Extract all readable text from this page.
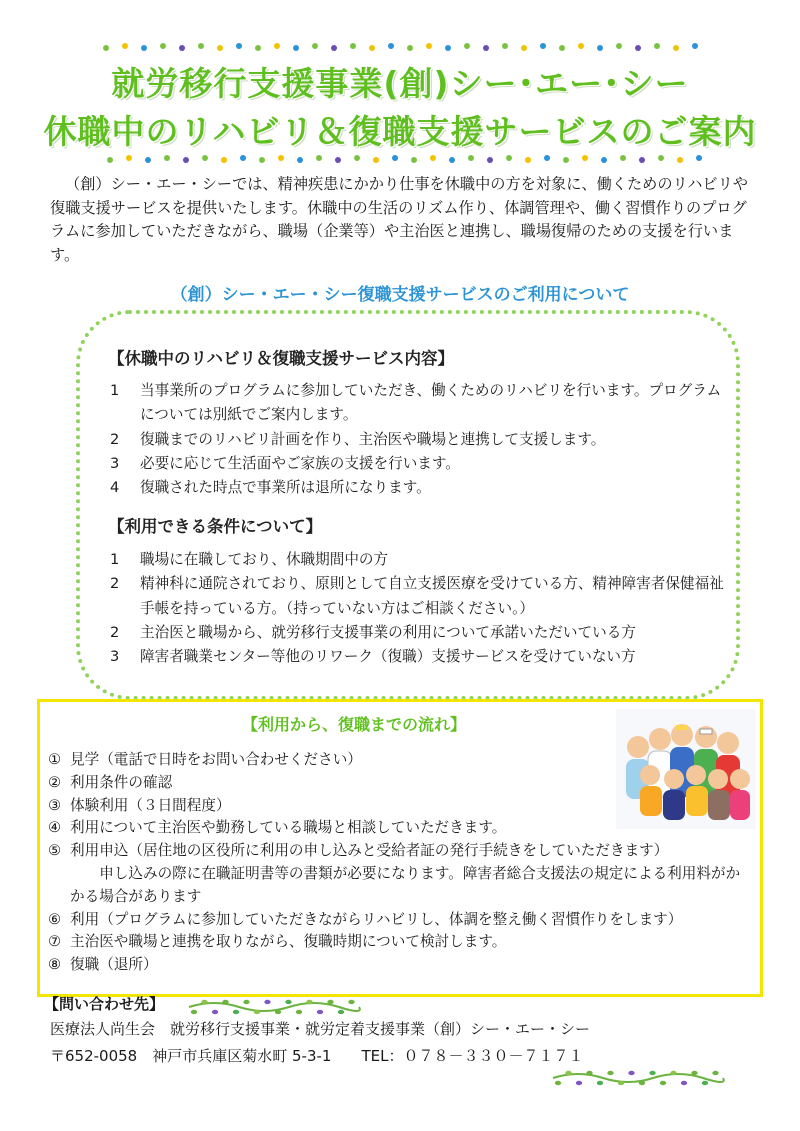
就労移行支援事業(創)シー･エー･シー
休職中のリハビリ＆復職支援サービスのご案内
（創）シー・エー・シーでは、精神疾患にかかり仕事を休職中の方を対象に、働くためのリハビリや復職支援サービスを提供いたします。休職中の生活のリズム作り、体調管理や、働く習慣作りのプログラムに参加していただきながら、職場（企業等）や主治医と連携し、職場復帰のための支援を行います。
（創）シー・エー・シー復職支援サービスのご利用について
【休職中のリハビリ＆復職支援サービス内容】
1	当事業所のプログラムに参加していただき、働くためのリハビリを行います。プログラムについては別紙でご案内します。
2	復職までのリハビリ計画を作り、主治医や職場と連携して支援します。
3	必要に応じて生活面やご家族の支援を行います。
4	復職された時点で事業所は退所になります。
【利用できる条件について】
1	職場に在職しており、休職期間中の方
2	精神科に通院されており、原則として自立支援医療を受けている方、精神障害者保健福祉手帳を持っている方。（持っていない方はご相談ください。）
2	主治医と職場から、就労移行支援事業の利用について承諾いただいている方
3	障害者職業センター等他のリワーク（復職）支援サービスを受けていない方
【利用から、復職までの流れ】
① 見学（電話で日時をお問い合わせください）
② 利用条件の確認
③ 体験利用（３日間程度）
④ 利用について主治医や勤務している職場と相談していただきます。
⑤ 利用申込（居住地の区役所に利用の申し込みと受給者証の発行手続きをしていただきます）
　　申し込みの際に在職証明書等の書類が必要になります。障害者総合支援法の規定による利用料がかかる場合があります
⑥ 利用（プログラムに参加していただきながらリハビリし、体調を整え働く習慣作りをします）
⑦ 主治医や職場と連携を取りながら、復職時期について検討します。
⑧ 復職（退所）
【問い合わせ先】
医療法人尚生会　就労移行支援事業・就労定着支援事業（創）シー・エー・シー
〒652-0058　神戸市兵庫区菊水町 5-3-1　　TEL：０７８－３３０－７１７１
